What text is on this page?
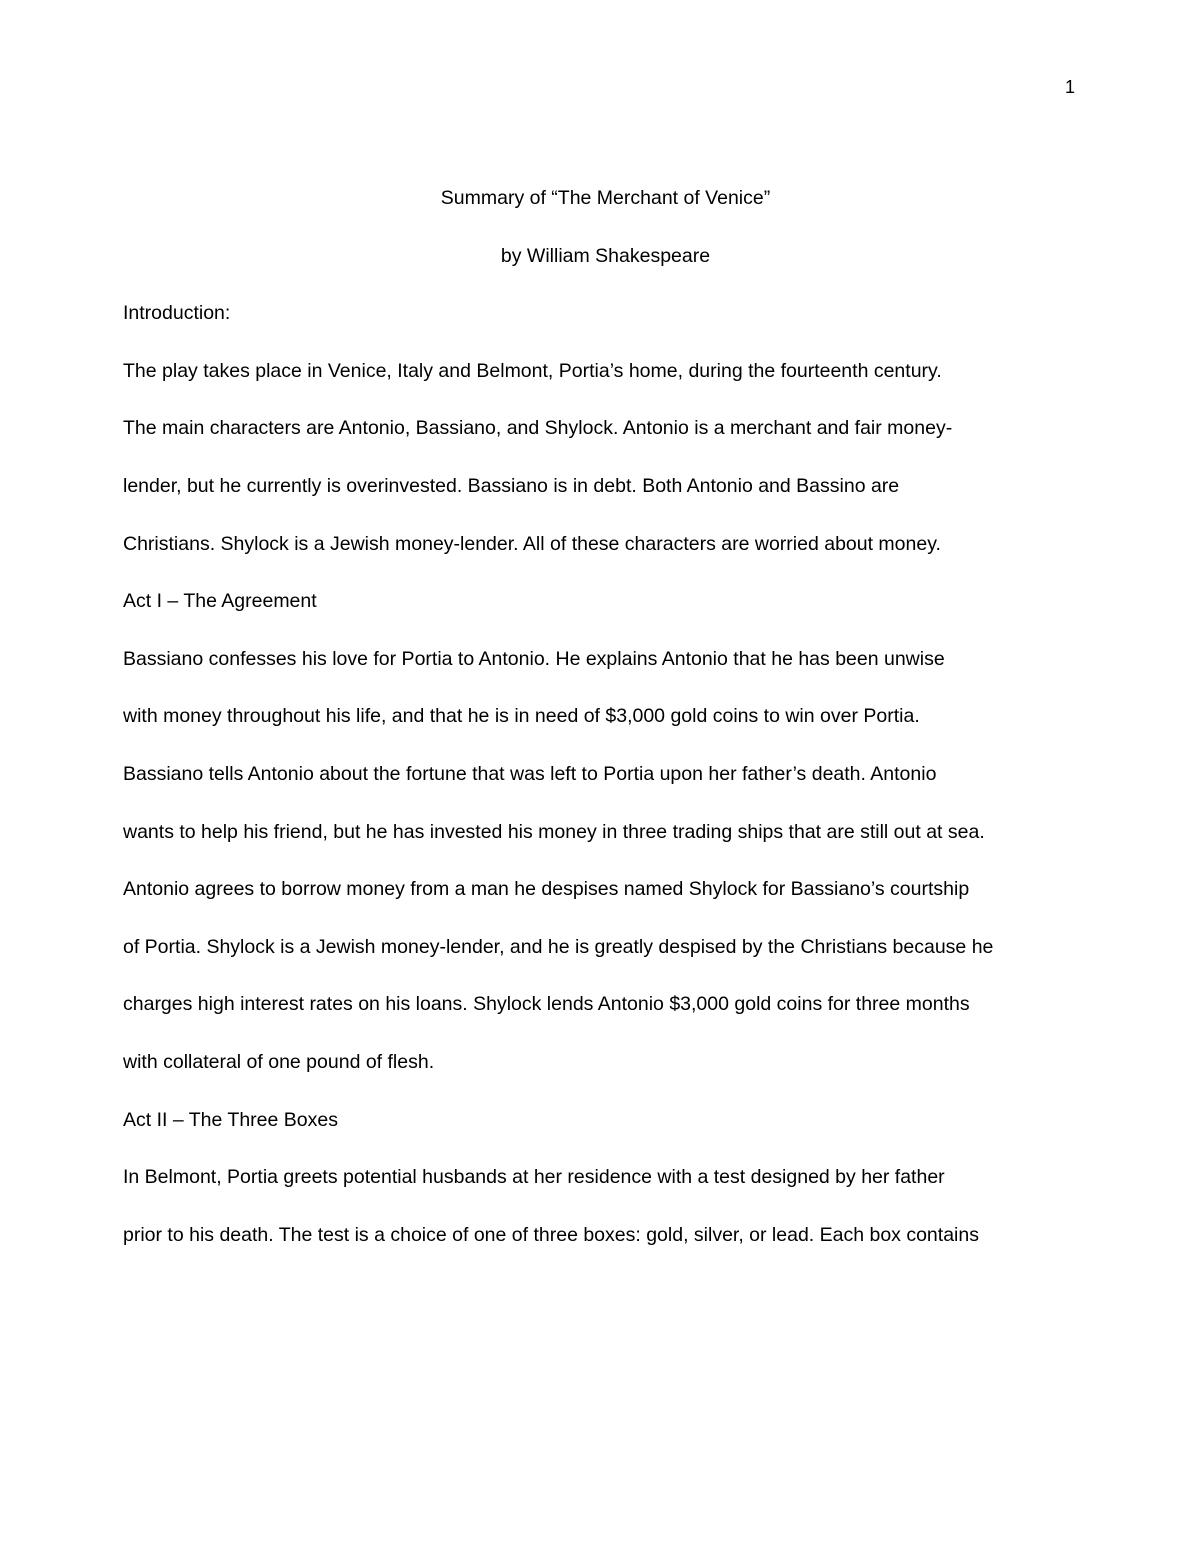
1
Summary of “The Merchant of Venice”
by William Shakespeare
Introduction:
The play takes place in Venice, Italy and Belmont, Portia’s home, during the fourteenth century.
The main characters are Antonio, Bassiano, and Shylock. Antonio is a merchant and fair money-
lender, but he currently is overinvested. Bassiano is in debt. Both Antonio and Bassino are
Christians. Shylock is a Jewish money-lender. All of these characters are worried about money.
Act I – The Agreement
Bassiano confesses his love for Portia to Antonio. He explains Antonio that he has been unwise
with money throughout his life, and that he is in need of $3,000 gold coins to win over Portia.
Bassiano tells Antonio about the fortune that was left to Portia upon her father’s death. Antonio
wants to help his friend, but he has invested his money in three trading ships that are still out at sea.
Antonio agrees to borrow money from a man he despises named Shylock for Bassiano’s courtship
of Portia. Shylock is a Jewish money-lender, and he is greatly despised by the Christians because he
charges high interest rates on his loans. Shylock lends Antonio $3,000 gold coins for three months
with collateral of one pound of flesh.
Act II – The Three Boxes
In Belmont, Portia greets potential husbands at her residence with a test designed by her father
prior to his death. The test is a choice of one of three boxes: gold, silver, or lead. Each box contains
